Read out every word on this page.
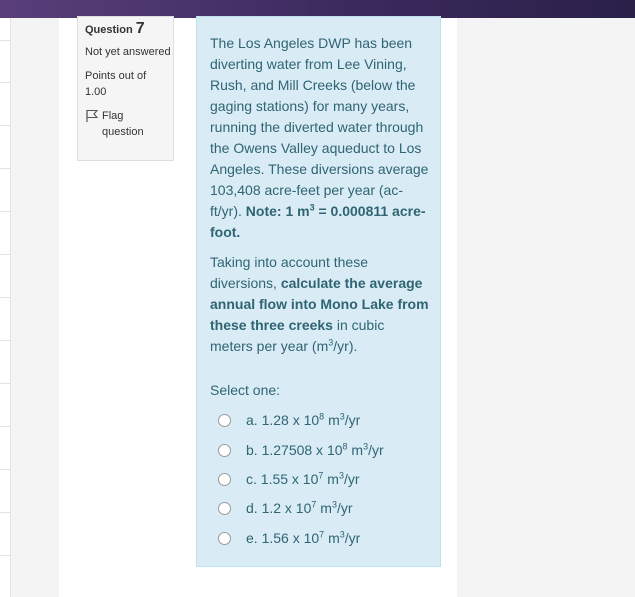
Question 7
Not yet answered
Points out of
1.00
Flag question

The Los Angeles DWP has been diverting water from Lee Vining, Rush, and Mill Creeks (below the gaging stations) for many years, running the diverted water through the Owens Valley aqueduct to Los Angeles. These diversions average 103,408 acre-feet per year (ac-ft/yr). Note: 1 $m^3 = 0.000811$ acre-foot.

Taking into account these diversions, calculate the average annual flow into Mono Lake from these three creeks in cubic meters per year $(m^3/yr)$.

Select one:
a. 1.28 x $10^8$ $m^3/yr$
b. 1.27508 x $10^8$ $m^3/yr$
c. 1.55 x $10^7$ $m^3/yr$
d. 1.2 x $10^7$ $m^3/yr$
e. 1.56 x $10^7$ $m^3/yr$
